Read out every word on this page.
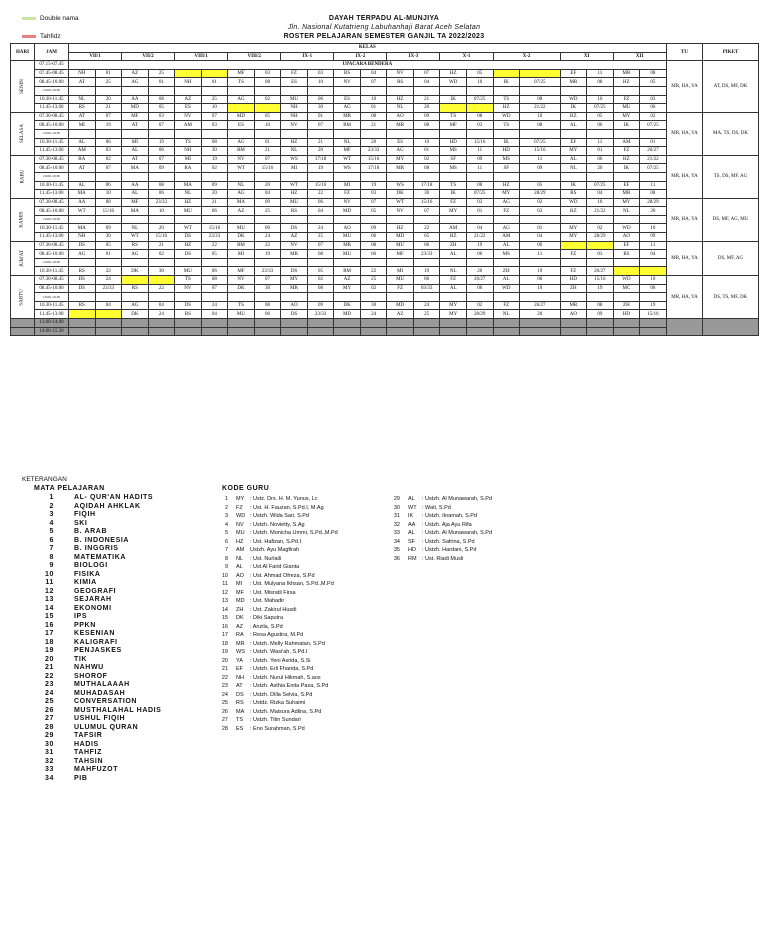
Double nama
Tahfidz
DAYAH TERPADU AL-MUNJIYA
Jln. Nasional Kutatrieng Labuhanhaji Barat Aceh Selatan
ROSTER PELAJARAN SEMESTER GANJIL TA 2022/2023
HARI	JAM	KELAS																					
		VII/1		VII/2		VIII/1		VIII/2		IX-1		IX-2		IX-3		X-1		X-2		XI		XII	
SENIN	07.15-07.45	UPACARA BENDERA																					
	07.45-08.45	NH	01	AZ	25			MF	03	FZ	03	RS	04	NV	07	HZ	05			EF	11	MR	08
	08.45-10.00	AT	25	AG	01	NH	01	TS	08	ES	10	NV	07	RS	04	WD	10	IK	07/25	MR	08	HZ	05
	10.00-10.30																						
	10.30-11.45	NL	20	AA	08	AZ	25	AG	02	MU	06	ES	10	HZ	21	IK	07/25	TS	08	WD	10	FZ	03
	11.45-13.00	RS	21	MD	05	ES	10			NH	30	AG	01	NL	20			HZ	21/22	IK	07/25	MU	06
SELASA	07.30-08.45	AT	07	MF	03	NV	07	MD	05	NH	01	MR	08	AO	09	TS	08	WD	10	HZ	05	MY	02
	08.45-10.00	MI	19	AT	07	AM	03	ES	10	NV	07	RM	21	MR	08	MF	03	TS	08	AL	06	IK	07/25
	10.00-10.30																						
	10.30-11.45	AL	06	MI	19	TS	08	AG	01	HZ	21	NL	20	ES	10	HD	15/16	IK	07/25	EF	11	AM	01
	11.45-13.00	AM	03	AL	06	NH	30	RM	21	NL	20	MF	23/33	AG	01	MS	11	HD	15/16	MY	01	FZ	26/27
RABU	07.30-08.45	RA	02	AT	07	MI	19	NV	07	WS	17/18	WT	15/16	MY	02	SF	09	MS	11	AL	06	HZ	21/22
	08.45-10.00	AT	07	MA	09	RA	02	WT	15/16	MI	19	WS	17/18	MR	08	MS	11	SF	09	NL	20	IK	07/25
	10.00-10.30																						
	10.30-11.45	AL	06	AA	08	MA	09	NL	20	WT	15/16	MI	19	WS	17/18	TS	08	HZ	05	IK	07/25	EF	11
	11.45-13.00	MA	10	AL	06	NL	20	AG	04	HZ	22	FZ	03	DK	30	IK	07/25	MY	28/29	RS	04	MR	08
KAMIS	07.30-08.45	AA	08	MF	23/33	HZ	21	MA	09	MU	06	NV	07	WT	15/16	FZ	03	AG	02	WD	10	MY	28/29
	08.45-10.00	WT	15/16	MA	10	MU	06	AZ	25	RS	04	MD	05	NV	07	MY	01	FZ	03	HZ	21/22	NL	20
	10.00-10.30																						
	10.30-11.45	MA	09	NL	20	WT	15/16	MU	06	DS	24	AO	09	HZ	22	AM	04	AG	01	MY	02	WD	10
	11.45-13.00	NH	30	WT	15/16	DS	23/33	DK	24	AZ	25	MU	06	MD	05	HZ	21/22	AM	04	MY	28/29	AO	09
JUM'AT	07.30-08.45	DS	05	RS	21	HZ	22	RM	22	NV	07	MR	08	MU	06	ZH	19	AL	06			EF	11
	08.45-10.00	AG	01	AG	02	DS	05	MI	19	MR	08	MU	06	MF	23/33	AL	06	MS	11	FZ	03	RS	04
	10.00-10.30																						
	10.30-11.45	RS	22	DK	30	MU	06	MF	23/33	DS	05	RM	22	MI	19	NL	20	ZH	19	FZ	26/27		
SABTU	07.30-08.45	DS	24			TS	08	NV	07	MY	02	AZ	25	MU	06	FZ	26/27	AL	06	HD	15/16	WD	10
	08.45-10.00	DS	23/33	RS	22	NV	07	DK	30	MR	08	MY	02	FZ	03/33	AL	06	WD	10	ZH	19	MC	06
	10.00-10.30																						
	10.30-11.45	RS	04	AG	04	DS	24	TS	08	AO	09	DK	30	MD	24	MY	02	FZ	26/27	MR	08	ZH	19
	11.45-13.00			DK	24	RS	04	MU	06	DS	23/33	MD	24	AZ	25	MY	28/29	NL	20	AO	09	HD	15/16
	13.00-14.00																						
	14.00-15.30																						
TU	PIKET
MR, HA, YA	AT, DS, MF, DK
MR, HA, YA	MA, TS, DS, DK
MR, HA, YA	TS, DS, MF, AG
MR, HA, YA	DS, MF, AG, MU
MR, HA, YA	DS, MF, AG
MR, HA, YA	DS, TS, MF, DK

KETERANGAN
MATA PELAJARAN	KODE GURU
1	AL- QUR'AN HADITS
2	AQIDAH AHKLAK
3	FIQIH
4	SKI
5	B. ARAB
6	B. INDONESIA
7	B. INGGRIS
8	MATEMATIKA
9	BIOLOGI
10	FISIKA
11	KIMIA
12	GEOGRAFI
13	SEJARAH
14	EKONOMI
15	IPS
16	PPKN
17	KESENIAN
18	KALIGRAFI
19	PENJASKES
20	TIK
21	NAHWU
22	SHOROF
23	MUTHALAAAH
24	MUHADASAH
25	CONVERSATION
26	MUSTHALAHAL HADIS
27	USHUL FIQIH
28	ULUMUL QURAN
29	TAFSIR
30	HADIS
31	TAHFIZ
32	TAHSIN
33	MAHFUZOT
34	PIB
1 MY	: Ustz. Drs. H. M. Yunus, Lc
2 FZ	: Ust. H. Fauzan, S.Pd.I, M.Ag
3 WD : Ustzh. Wida Sari, S.Pd
4 NV	: Ustzh. Novietty, S.Ag
5 MU : Ustzh. Monicha Ummi, S.Pd.,M.Pd
6 HZ	: Ust. Hafizan, S.Pd.I
7 AM	Ustzh. Ayu Magfirah
8 NL	: Ust. Nurlaili
9 AL	: Ust Al Farid Gianta
10 AO	: Ust. Ahmad Ofreza, S.Pd
11 MI	: Ust. Mulyana Ikhsan, S.Pd.,M.Pd
12 MF	: Ust. Misratil Firsa
13 MD : Ust. Mahadir
14 ZH	: Ust. Zakirul Husdi
15 DK	: Diki Saputra
16 AZ	: Anzila, S.Pd
17 RA	: Resa Agustira, M.Pd
18 MR : Ustzh. Melly Rahmatan, S.Pd
19 WS : Ustzh. Wasi'ah, S.Pd.I
20 YA	: Ustzh. Yeni Asrida, S.Si
21 EF	: Ustzh. Erli Fharida, S.Pd
22 NH	: Ustzh. Nurul Hikmah, S.aos
23 AT	: Ustzh. Asthia Enita Pasa, S.Pd
24 DS	: Ustzh. Dilla Selvia, S.Pd
25 RS	: Ustdz. Rizka Suhaimi
26 MA	: Ustzh. Maisura Adlina, S.Pd
27 TS	: Ustzh. Titin Sundari
28 ES	: Eno Surahman, S.Pd
29 AL	: Ustzh. Al Munawarah, S.Pd
30 WT : Wati, S.Pd
31 IK	: Ustzh. Ikramah, S.Pd
32 AA	: Ustzh. Aja Ayu Rifa
33 AL	: Ustzh. Al Munawarah, S.Pd
34 SF	: Ustzh. Safrina, S.Pd
35 HD	: Ustzh. Hardani, S.Pd
36 RM : Ust. Riadi Musli
